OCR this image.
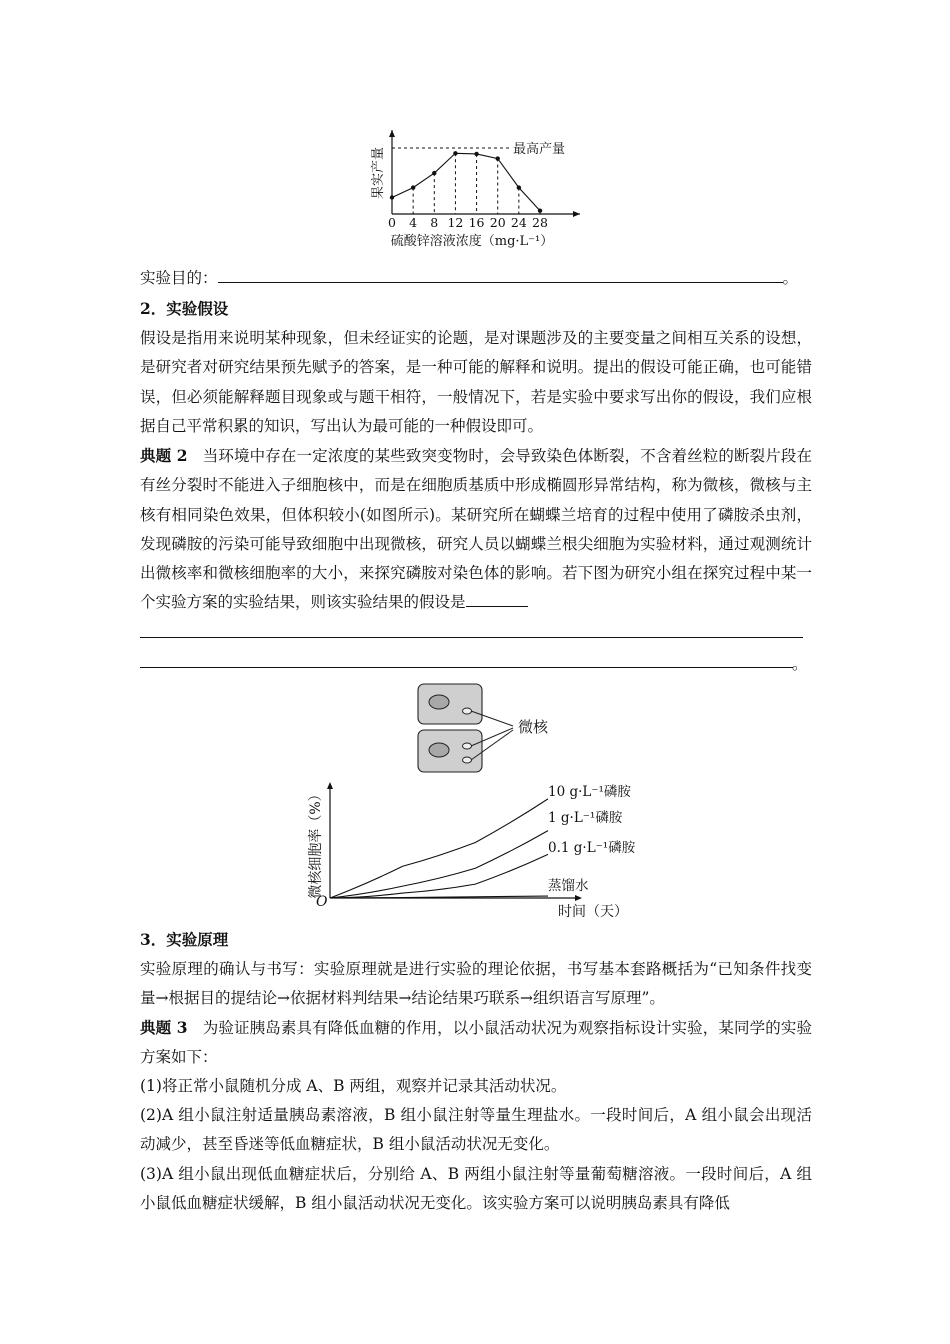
最高产量
0 4 8 12 16 20 24 28
硫酸锌溶液浓度（mg·L⁻¹）
果实产量

实验目的：	。

2．实验假设

假设是指用来说明某种现象，但未经证实的论题，是对课题涉及的主要变量之间相互关系的设想，是研究者对研究结果预先赋予的答案，是一种可能的解释和说明。提出的假设可能正确，也可能错误，但必须能解释题目现象或与题干相符，一般情况下，若是实验中要求写出你的假设，我们应根据自己平常积累的知识，写出认为最可能的一种假设即可。

典题 2 当环境中存在一定浓度的某些致突变物时，会导致染色体断裂，不含着丝粒的断裂片段在有丝分裂时不能进入子细胞核中，而是在细胞质基质中形成椭圆形异常结构，称为微核，微核与主核有相同染色效果，但体积较小(如图所示)。某研究所在蝴蝶兰培育的过程中使用了磷胺杀虫剂，发现磷胺的污染可能导致细胞中出现微核，研究人员以蝴蝶兰根尖细胞为实验材料，通过观测统计出微核率和微核细胞率的大小，来探究磷胺对染色体的影响。若下图为研究小组在探究过程中某一个实验方案的实验结果，则该实验结果的假设是

。
微核
O
时间（天）
微核细胞率（%）	10 g·L⁻¹磷胺
1 g·L⁻¹磷胺
0.1 g·L⁻¹磷胺
蒸馏水

3．实验原理

实验原理的确认与书写：实验原理就是进行实验的理论依据，书写基本套路概括为“已知条件找变量→根据目的提结论→依据材料判结果→结论结果巧联系→组织语言写原理”。

典题 3 为验证胰岛素具有降低血糖的作用，以小鼠活动状况为观察指标设计实验，某同学的实验方案如下：

(1)将正常小鼠随机分成 A、B 两组，观察并记录其活动状况。

(2)A 组小鼠注射适量胰岛素溶液，B 组小鼠注射等量生理盐水。一段时间后，A 组小鼠会出现活动减少，甚至昏迷等低血糖症状，B 组小鼠活动状况无变化。

(3)A 组小鼠出现低血糖症状后，分别给 A、B 两组小鼠注射等量葡萄糖溶液。一段时间后，A 组小鼠低血糖症状缓解，B 组小鼠活动状况无变化。该实验方案可以说明胰岛素具有降低
